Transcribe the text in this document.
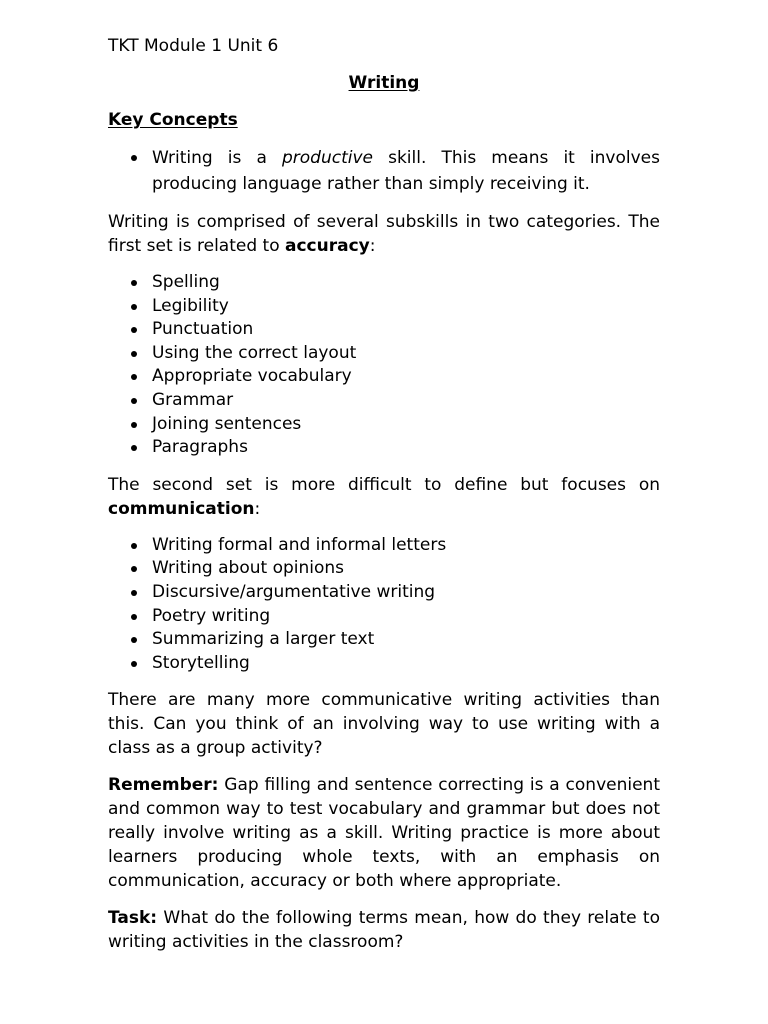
TKT Module 1 Unit 6
Writing
Key Concepts
Writing is a productive skill. This means it involves producing language rather than simply receiving it.
Writing is comprised of several subskills in two categories. The first set is related to accuracy:
Spelling
Legibility
Punctuation
Using the correct layout
Appropriate vocabulary
Grammar
Joining sentences
Paragraphs
The second set is more difficult to define but focuses on communication:
Writing formal and informal letters
Writing about opinions
Discursive/argumentative writing
Poetry writing
Summarizing a larger text
Storytelling
There are many more communicative writing activities than this. Can you think of an involving way to use writing with a class as a group activity?
Remember: Gap filling and sentence correcting is a convenient and common way to test vocabulary and grammar but does not really involve writing as a skill. Writing practice is more about learners producing whole texts, with an emphasis on communication, accuracy or both where appropriate.
Task: What do the following terms mean, how do they relate to writing activities in the classroom?
